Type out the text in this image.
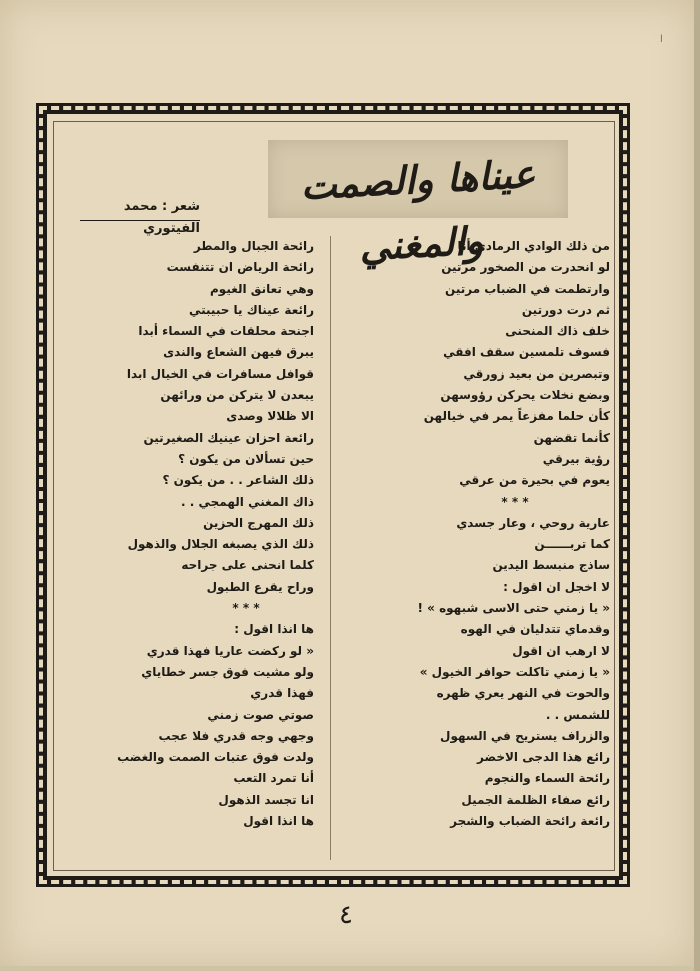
ا
عيناها والصمت والمغني
شعر : محمد الفيتوري
من ذلك الوادي الرمادي أنا
لو انحدرت من الصخور مرتين
وارتطمت في الضباب مرتين
ثم درت دورتين
خلف ذاك المنحنى
فسوف تلمسين سقف افقي
وتبصرين من بعيد زورقي
وبضع نخلات يحركن رؤوسهن
كأن حلما مفزعاً يمر في خيالهن
كأنما تقضهن
رؤية بيرقي
يعوم في بحيرة من عرقي
* * *
عارية روحي ، وعار جسدي
كما تربــــــن
ساذج منبسط اليدين
لا اخجل ان اقول :
« يا زمني حتى الاسى شبهوه » !
وقدماي تتدليان في الهوه
لا ارهب ان اقول
« يا زمني تاكلت حوافر الخيول »
والحوت في النهر يعري ظهره
للشمس . .
والزراف يستريح في السهول
رائع هذا الدجى الاخضر
رائحة السماء والنجوم
رائع صفاء الظلمة الجميل
رائعة رائحة الضباب والشجر
رائحة الجبال والمطر
رائحة الرياض ان تتنفست
وهي تعانق الغيوم
رائعة عيناك يا حبيبتي
اجنحة محلقات في السماء أبدا
يبرق فيهن الشعاع والندى
قوافل مسافرات في الخيال ابدا
يبعدن لا يتركن من ورائهن
الا ظلالا وصدى
رائعة احزان عينيك الصغيرتين
حين تسألان من يكون ؟
ذلك الشاعر . . من يكون ؟
ذاك المغني الهمجي . .
ذلك المهرج الحزين
ذلك الذي يصبغه الجلال والذهول
كلما انحنى على جراحه
وراح يقرع الطبول
* * *
ها انذا اقول :
« لو ركضت عاريا فهذا قدري
ولو مشيت فوق جسر خطاياي
فهذا قدري
صوتي صوت زمني
وجهي وجه قدري فلا عجب
ولدت فوق عتبات الصمت والغضب
أنا تمرد التعب
انا تجسد الذهول
ها انذا اقول
٤
